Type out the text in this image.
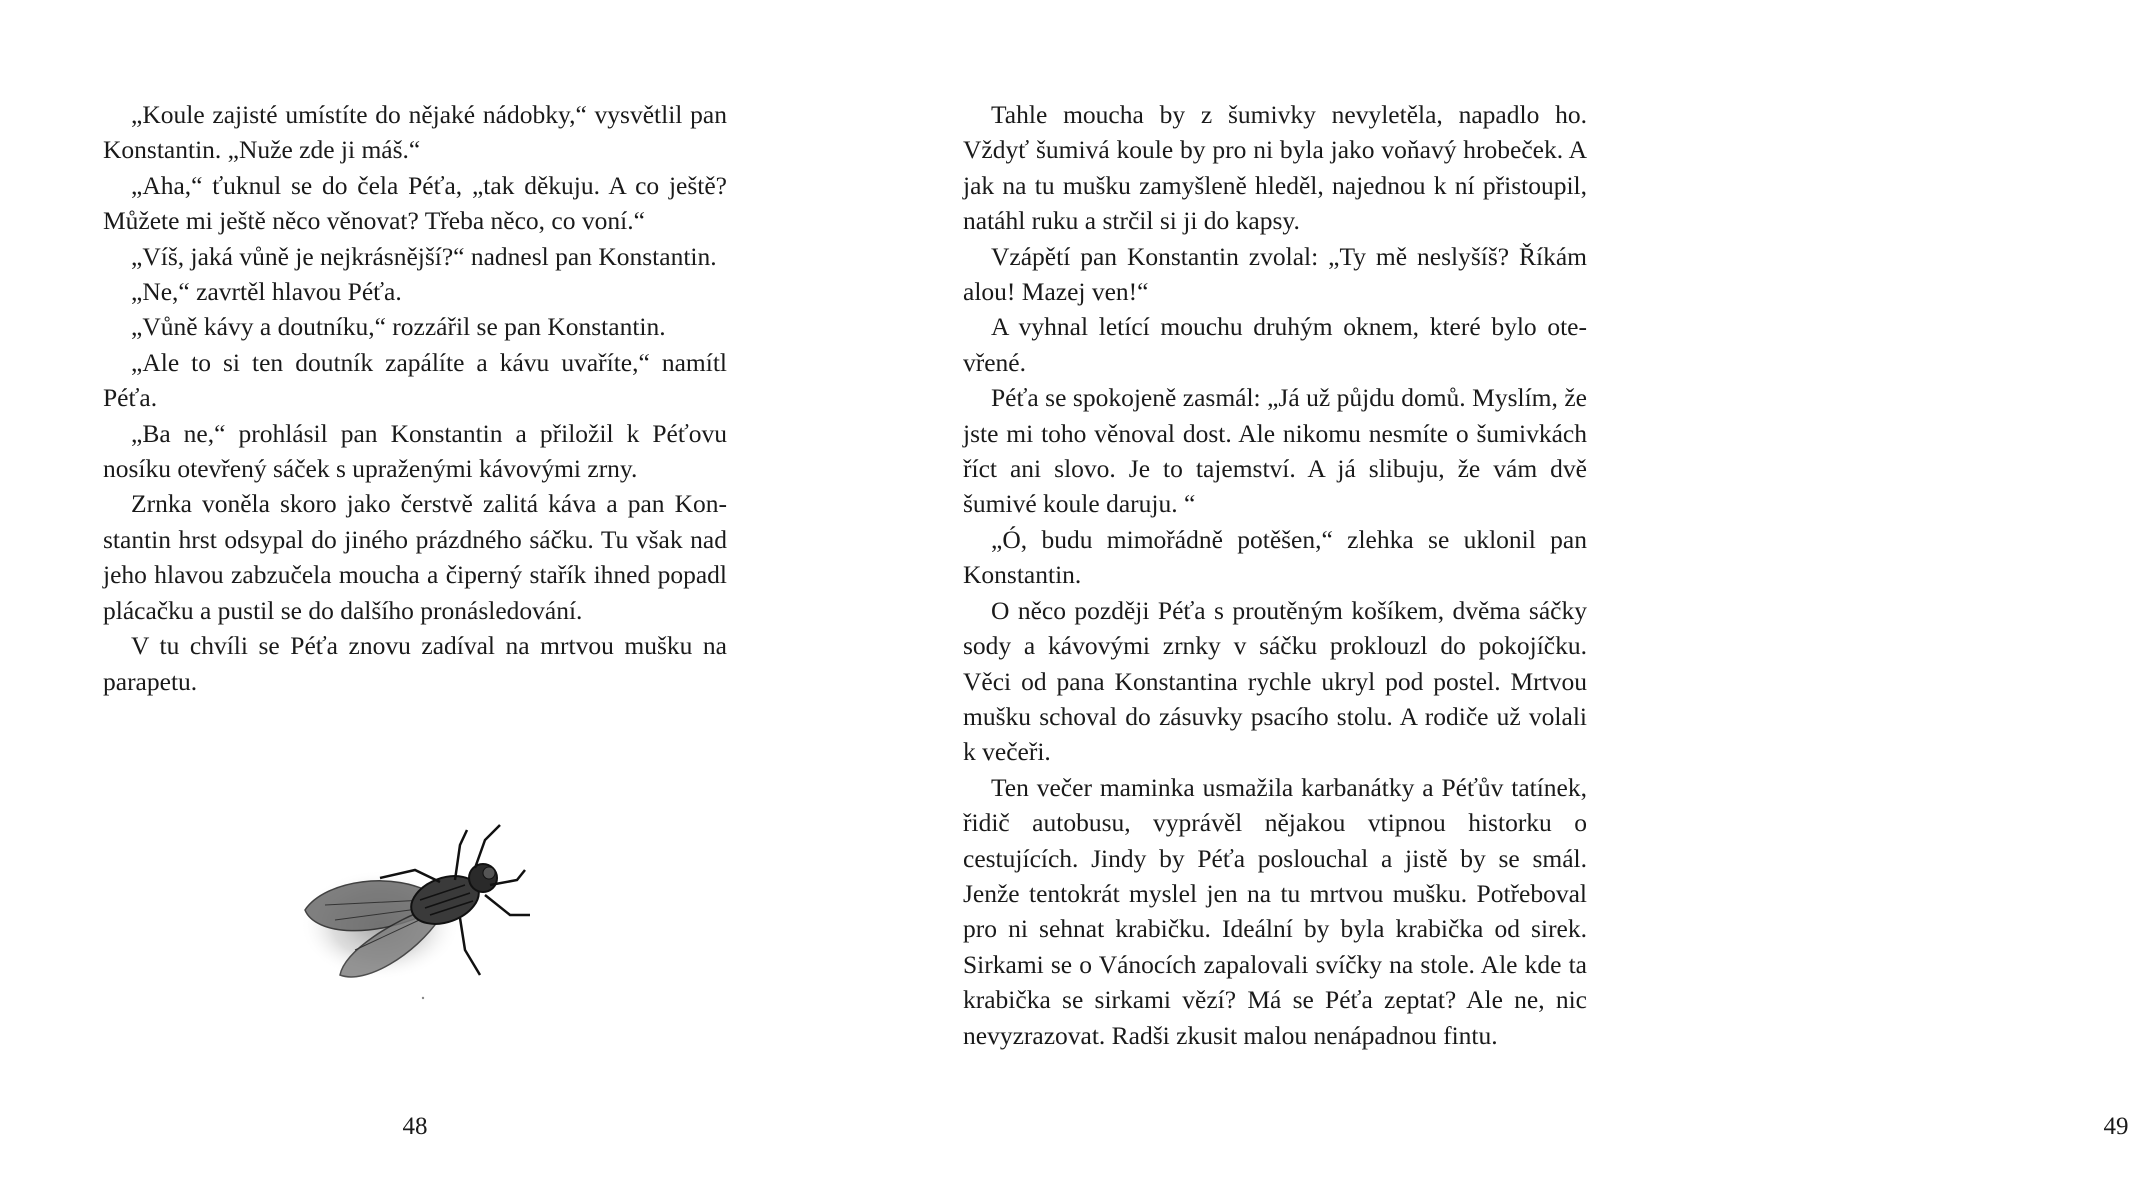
„Koule zajisté umístíte do nějaké nádobky,“ vysvětlil pan Konstantin. „Nuže zde ji máš.“

„Aha,“ ťuknul se do čela Péťa, „tak děkuju. A co ještě? Můžete mi ještě něco věnovat? Třeba něco, co voní.“

„Víš, jaká vůně je nejkrásnější?“ nadnesl pan Konstantin.

„Ne,“ zavrtěl hlavou Péťa.

„Vůně kávy a doutníku,“ rozzářil se pan Konstantin.

„Ale to si ten doutník zapálíte a kávu uvaříte,“ namítl Péťa.

„Ba ne,“ prohlásil pan Konstantin a přiložil k Péťovu nosíku otevřený sáček s upraženými kávovými zrny.

Zrnka voněla skoro jako čerstvě zalitá káva a pan Konstantin hrst odsypal do jiného prázdného sáčku. Tu však nad jeho hlavou zabzučela moucha a čiperný stařík ihned popadl plácačku a pustil se do dalšího pronásledování.

V tu chvíli se Péťa znovu zadíval na mrtvou mušku na parapetu.

48

Tahle moucha by z šumivky nevyletěla, napadlo ho. Vždyť šumivá koule by pro ni byla jako voňavý hrobeček. A jak na tu mušku zamyšleně hleděl, najednou k ní přistoupil, natáhl ruku a strčil si ji do kapsy.

Vzápětí pan Konstantin zvolal: „Ty mě neslyšíš? Říkám alou! Mazej ven!“

A vyhnal letící mouchu druhým oknem, které bylo otevřené.

Péťa se spokojeně zasmál: „Já už půjdu domů. Myslím, že jste mi toho věnoval dost. Ale nikomu nesmíte o šumivkách říct ani slovo. Je to tajemství. A já slibuju, že vám dvě šumivé koule daruju. “

„Ó, budu mimořádně potěšen,“ zlehka se uklonil pan Konstantin.

O něco později Péťa s proutěným košíkem, dvěma sáčky sody a kávovými zrnky v sáčku proklouzl do pokojíčku. Věci od pana Konstantina rychle ukryl pod postel. Mrtvou mušku schoval do zásuvky psacího stolu. A rodiče už volali k večeři.

Ten večer maminka usmažila karbanátky a Péťův tatínek, řidič autobusu, vyprávěl nějakou vtipnou historku o cestujících. Jindy by Péťa poslouchal a jistě by se smál. Jenže tentokrát myslel jen na tu mrtvou mušku. Potřeboval pro ni sehnat krabičku. Ideální by byla krabička od sirek. Sirkami se o Vánocích zapalovali svíčky na stole. Ale kde ta krabička se sirkami vězí? Má se Péťa zeptat? Ale ne, nic nevyzrazovat. Radši zkusit malou nenápadnou fintu.

49
